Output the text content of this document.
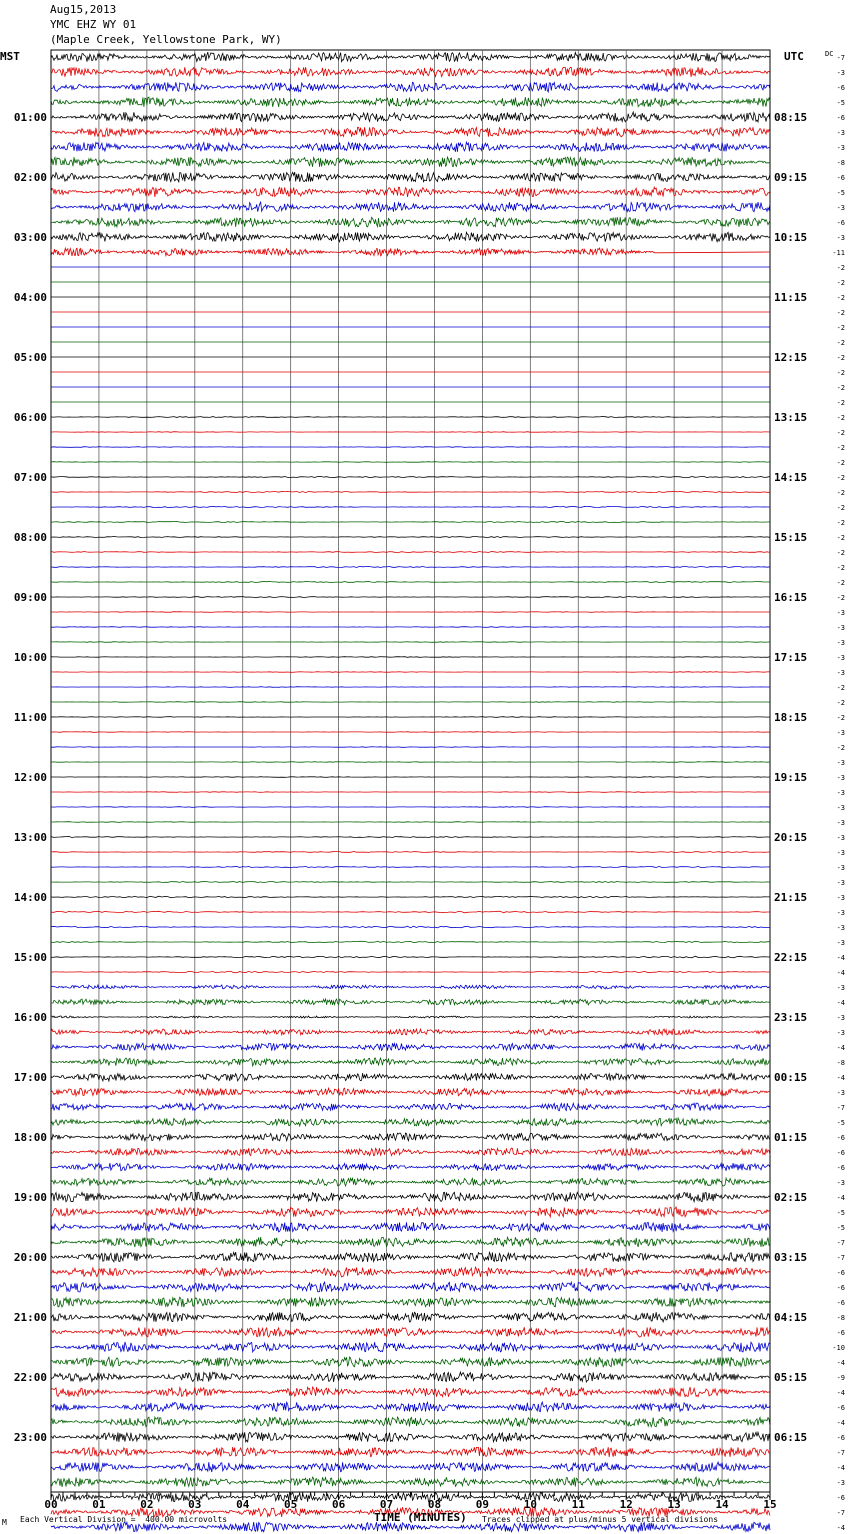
Aug15,2013
YMC EHZ WY 01
(Maple Creek, Yellowstone Park, WY)
MST	UTC
01:00
02:00
03:00
04:00
05:00
06:00
07:00
08:00
09:00
10:00
11:00
12:00
13:00
14:00
15:00
16:00
17:00
18:00
19:00
20:00
21:00
22:00
23:00
08:15
09:15
10:15
11:15
12:15
13:15
14:15
15:15
16:15
17:15
18:15
19:15
20:15
21:15
22:15
23:15
00:15
01:15
02:15
03:15
04:15
05:15
06:15
DC -7
-3
-6
-5
-6
-3
-3
-8
-6
-5
-3
-6
-3
-11
-2
-2
-2
-2
-2
-2
-2
-2
-2
-2
-2
-2
-2
-2
-2
-2
-2
-2
-2
-2
-2
-2
-2
-3
-3
-3
-3
-3
-2
-2
-2
-3
-2
-3
-3
-3
-3
-3
-3
-3
-3
-3
-3
-3
-3
-3
-4
-4
-3
-4
-3
-3
-4
-8
-4
-3
-7
-5
-6
-6
-6
-3
-4
-5
-5
-7
-7
-6
-6
-6
-8
-6
-10
-4
-9
-4
-6
-4
-6
-7
-4
-3
-6
-7
-4
00	01	02	03	04	05	06	07	08	09	10	11	12	13	14	15
M Each Vertical Division =  400.00 microvolts	TIME (MINUTES) Traces clipped at plus/minus 5 vertical divisions
